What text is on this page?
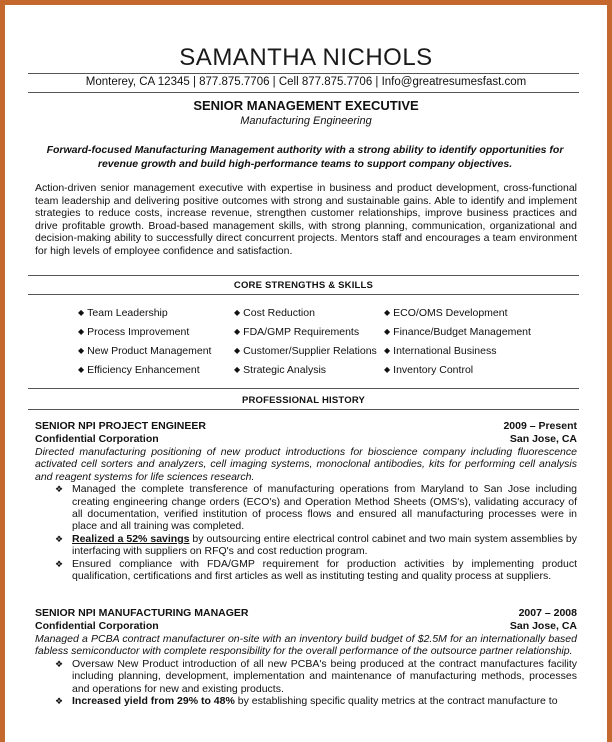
SAMANTHA NICHOLS
Monterey, CA 12345 | 877.875.7706 | Cell 877.875.7706 | Info@greatresumesfast.com
SENIOR MANAGEMENT EXECUTIVE
Manufacturing Engineering
Forward-focused Manufacturing Management authority with a strong ability to identify opportunities for revenue growth and build high-performance teams to support company objectives.
Action-driven senior management executive with expertise in business and product development, cross-functional team leadership and delivering positive outcomes with strong and sustainable gains. Able to identify and implement strategies to reduce costs, increase revenue, strengthen customer relationships, improve business practices and drive profitable growth. Broad-based management skills, with strong planning, communication, organizational and decision-making ability to successfully direct concurrent projects. Mentors staff and encourages a team environment for high levels of employee confidence and satisfaction.
CORE STRENGTHS & SKILLS
◆ Team Leadership	◆ Cost Reduction	◆ ECO/OMS Development
◆ Process Improvement	◆ FDA/GMP Requirements	◆ Finance/Budget Management
◆ New Product Management	◆ Customer/Supplier Relations ◆ International Business
◆ Efficiency Enhancement	◆ Strategic Analysis	◆ Inventory Control
PROFESSIONAL HISTORY
SENIOR NPI PROJECT ENGINEER	2009 – Present
Confidential Corporation	San Jose, CA
Directed manufacturing positioning of new product introductions for bioscience company including fluorescence activated cell sorters and analyzers, cell imaging systems, monoclonal antibodies, kits for performing cell analysis and reagent systems for life sciences research.
❖ Managed the complete transference of manufacturing operations from Maryland to San Jose including creating engineering change orders (ECO's) and Operation Method Sheets (OMS's), validating accuracy of all documentation, verified institution of process flows and ensured all manufacturing processes were in place and all training was completed.
❖ Realized a 52% savings by outsourcing entire electrical control cabinet and two main system assemblies by interfacing with suppliers on RFQ's and cost reduction program.
❖ Ensured compliance with FDA/GMP requirement for production activities by implementing product qualification, certifications and first articles as well as instituting testing and quality process at suppliers.
SENIOR NPI MANUFACTURING MANAGER	2007 – 2008
Confidential Corporation	San Jose, CA
Managed a PCBA contract manufacturer on-site with an inventory build budget of $2.5M for an internationally based fabless semiconductor with complete responsibility for the overall performance of the outsource partner relationship.
❖ Oversaw New Product introduction of all new PCBA's being produced at the contract manufactures facility including planning, development, implementation and maintenance of manufacturing methods, processes and operations for new and existing products.
❖ Increased yield from 29% to 48% by establishing specific quality metrics at the contract manufacture to
